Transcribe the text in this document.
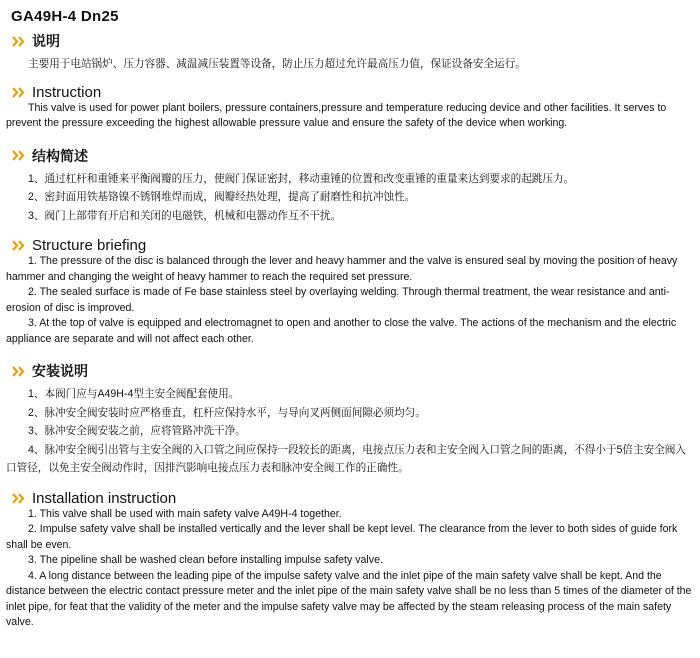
GA49H-4 Dn25
说明

主要用于电站锅炉、压力容器、减温减压装置等设备，防止压力超过允许最高压力值，保证设备安全运行。

Instruction

This valve is used for power plant boilers, pressure containers,pressure and temperature reducing device and other facilities. It serves to prevent the pressure exceeding the highest allowable pressure value and ensure the safety of the device when working.

结构简述

1、通过杠杆和重锤来平衡阀瓣的压力，使阀门保证密封，移动重锤的位置和改变重锤的重量来达到要求的起跳压力。

2、密封面用铁基铬镍不锈钢堆焊而成，阀瓣经热处理，提高了耐磨性和抗冲蚀性。

3、阀门上部带有开启和关闭的电磁铁，机械和电器动作互不干扰。

Structure briefing

1. The pressure of the disc is balanced through the lever and heavy hammer and the valve is ensured seal by moving the position of heavy hammer and changing the weight of heavy hammer to reach the required set pressure.

2. The sealed surface is made of Fe base stainless steel by overlaying welding. Through thermal treatment, the wear resistance and anti-erosion of disc is improved.

3. At the top of valve is equipped and electromagnet to open and another to close the valve. The actions of the mechanism and the electric appliance are separate and will not affect each other.

安装说明

1、本阀门应与A49H-4型主安全阀配套使用。

2、脉冲安全阀安装时应严格垂直，杠杆应保持水平，与导向叉两侧面间隙必须均匀。

3、脉冲安全阀安装之前，应将管路冲洗干净。

4、脉冲安全阀引出管与主安全阀的入口管之间应保持一段较长的距离，电接点压力表和主安全阀入口管之间的距离，不得小于5倍主安全阀入口管径，以免主安全阀动作时，因排汽影响电接点压力表和脉冲安全阀工作的正确性。

Installation instruction

1. This valve shall be used with main safety valve A49H-4 together.

2. Impulse safety valve shall be installed vertically and the lever shall be kept level. The clearance from the lever to both sides of guide fork shall be even.

3. The pipeline shall be washed clean before installing impulse safety valve.

4. A long distance between the leading pipe of the impulse safety valve and the inlet pipe of the main safety valve shall be kept. And the distance between the electric contact pressure meter and the inlet pipe of the main safety valve shall be no less than 5 times of the diameter of the inlet pipe, for feat that the validity of the meter and the impulse safety valve may be affected by the steam releasing process of the main safety valve.
